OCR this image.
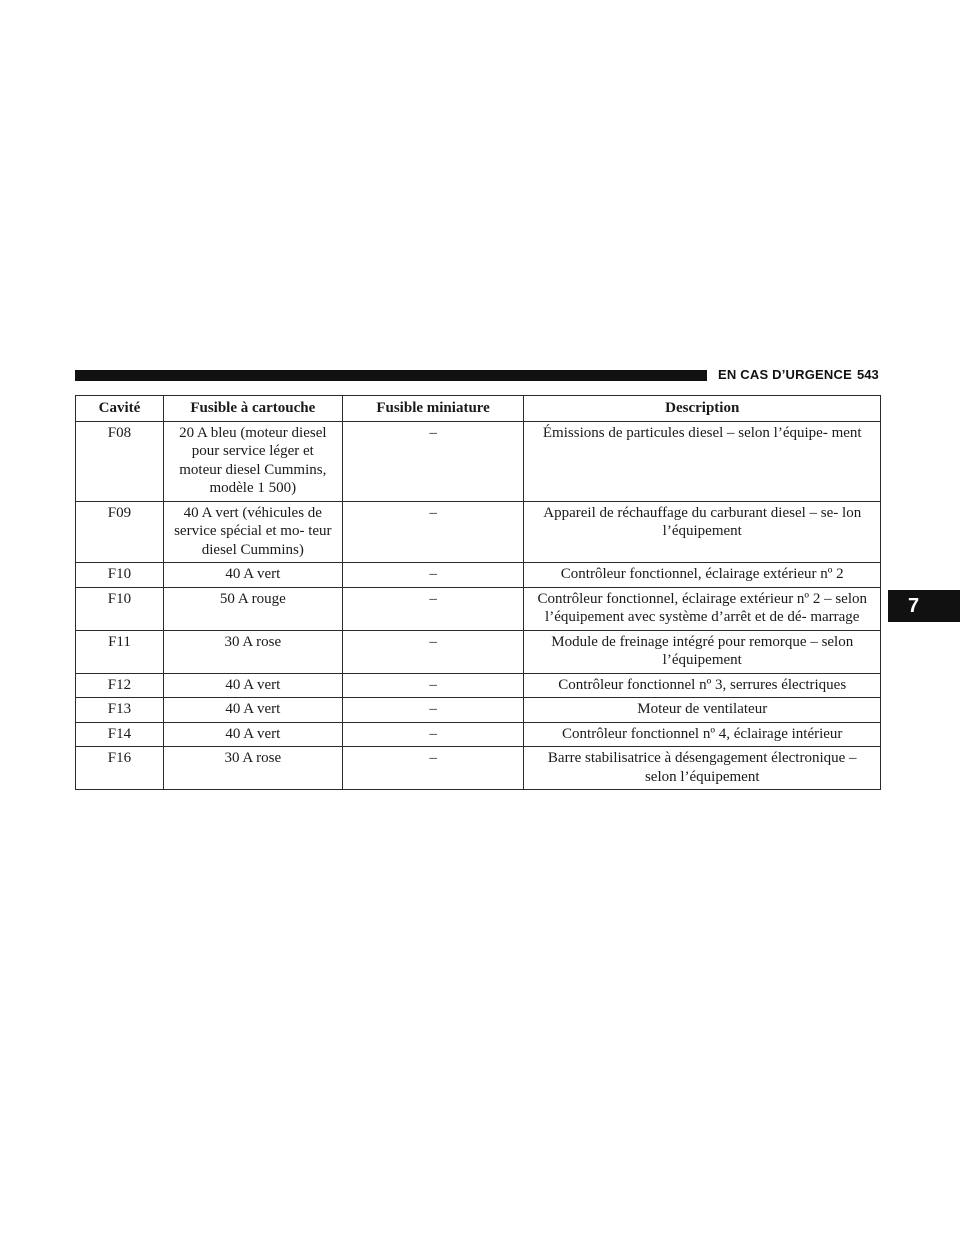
EN CAS D’URGENCE 543
7
Cavité	Fusible à cartouche	Fusible miniature	Description
F08	20 A bleu (moteur diesel pour service léger et moteur diesel Cummins, modèle 1 500)	–	Émissions de particules diesel – selon l’équipe- ment
F09	40 A vert (véhicules de service spécial et mo- teur diesel Cummins)	–	Appareil de réchauffage du carburant diesel – se- lon l’équipement
F10	40 A vert	–	Contrôleur fonctionnel, éclairage extérieur nº 2
F10	50 A rouge	–	Contrôleur fonctionnel, éclairage extérieur nº 2 – selon l’équipement avec système d’arrêt et de dé- marrage
F11	30 A rose	–	Module de freinage intégré pour remorque – selon l’équipement
F12	40 A vert	–	Contrôleur fonctionnel nº 3, serrures électriques
F13	40 A vert	–	Moteur de ventilateur
F14	40 A vert	–	Contrôleur fonctionnel nº 4, éclairage intérieur
F16	30 A rose	–	Barre stabilisatrice à désengagement électronique – selon l’équipement
